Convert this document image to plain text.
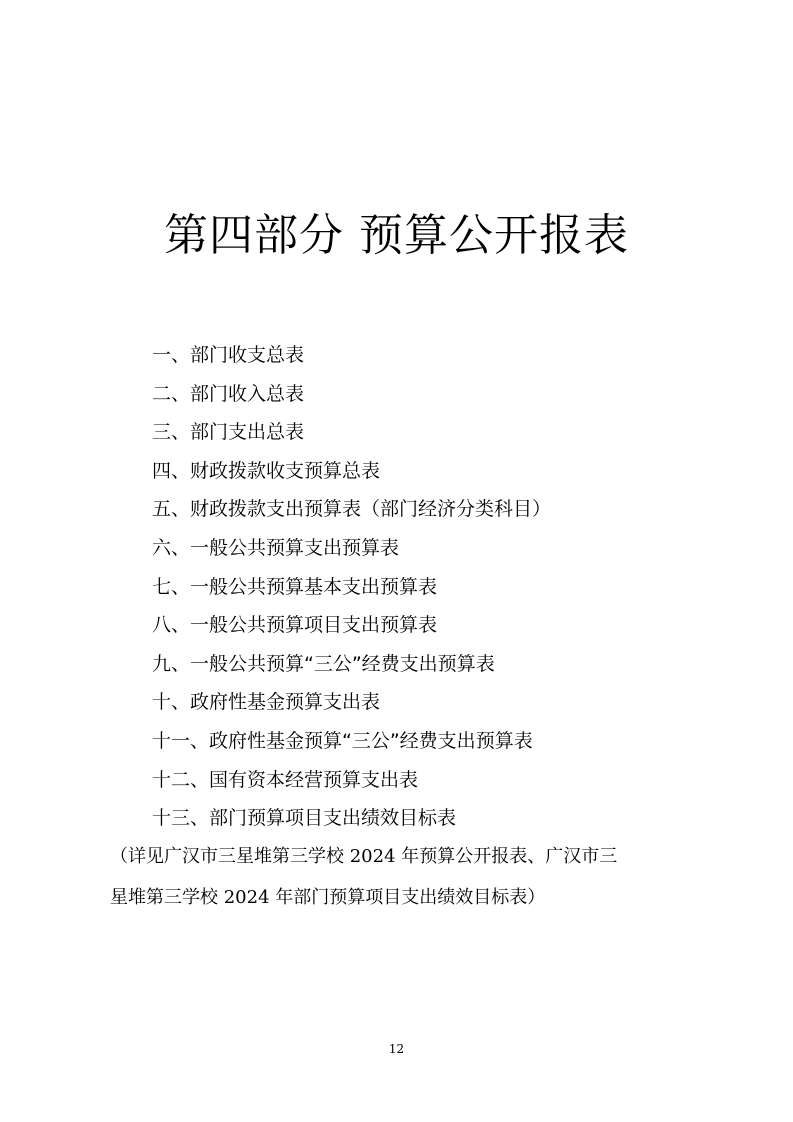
第四部分 预算公开报表
一、部门收支总表
二、部门收入总表
三、部门支出总表
四、财政拨款收支预算总表
五、财政拨款支出预算表（部门经济分类科目）
六、一般公共预算支出预算表
七、一般公共预算基本支出预算表
八、一般公共预算项目支出预算表
九、一般公共预算“三公”经费支出预算表
十、政府性基金预算支出表
十一、政府性基金预算“三公”经费支出预算表
十二、国有资本经营预算支出表
十三、部门预算项目支出绩效目标表
（详见广汉市三星堆第三学校 2024 年预算公开报表、广汉市三
星堆第三学校 2024 年部门预算项目支出绩效目标表）
12
